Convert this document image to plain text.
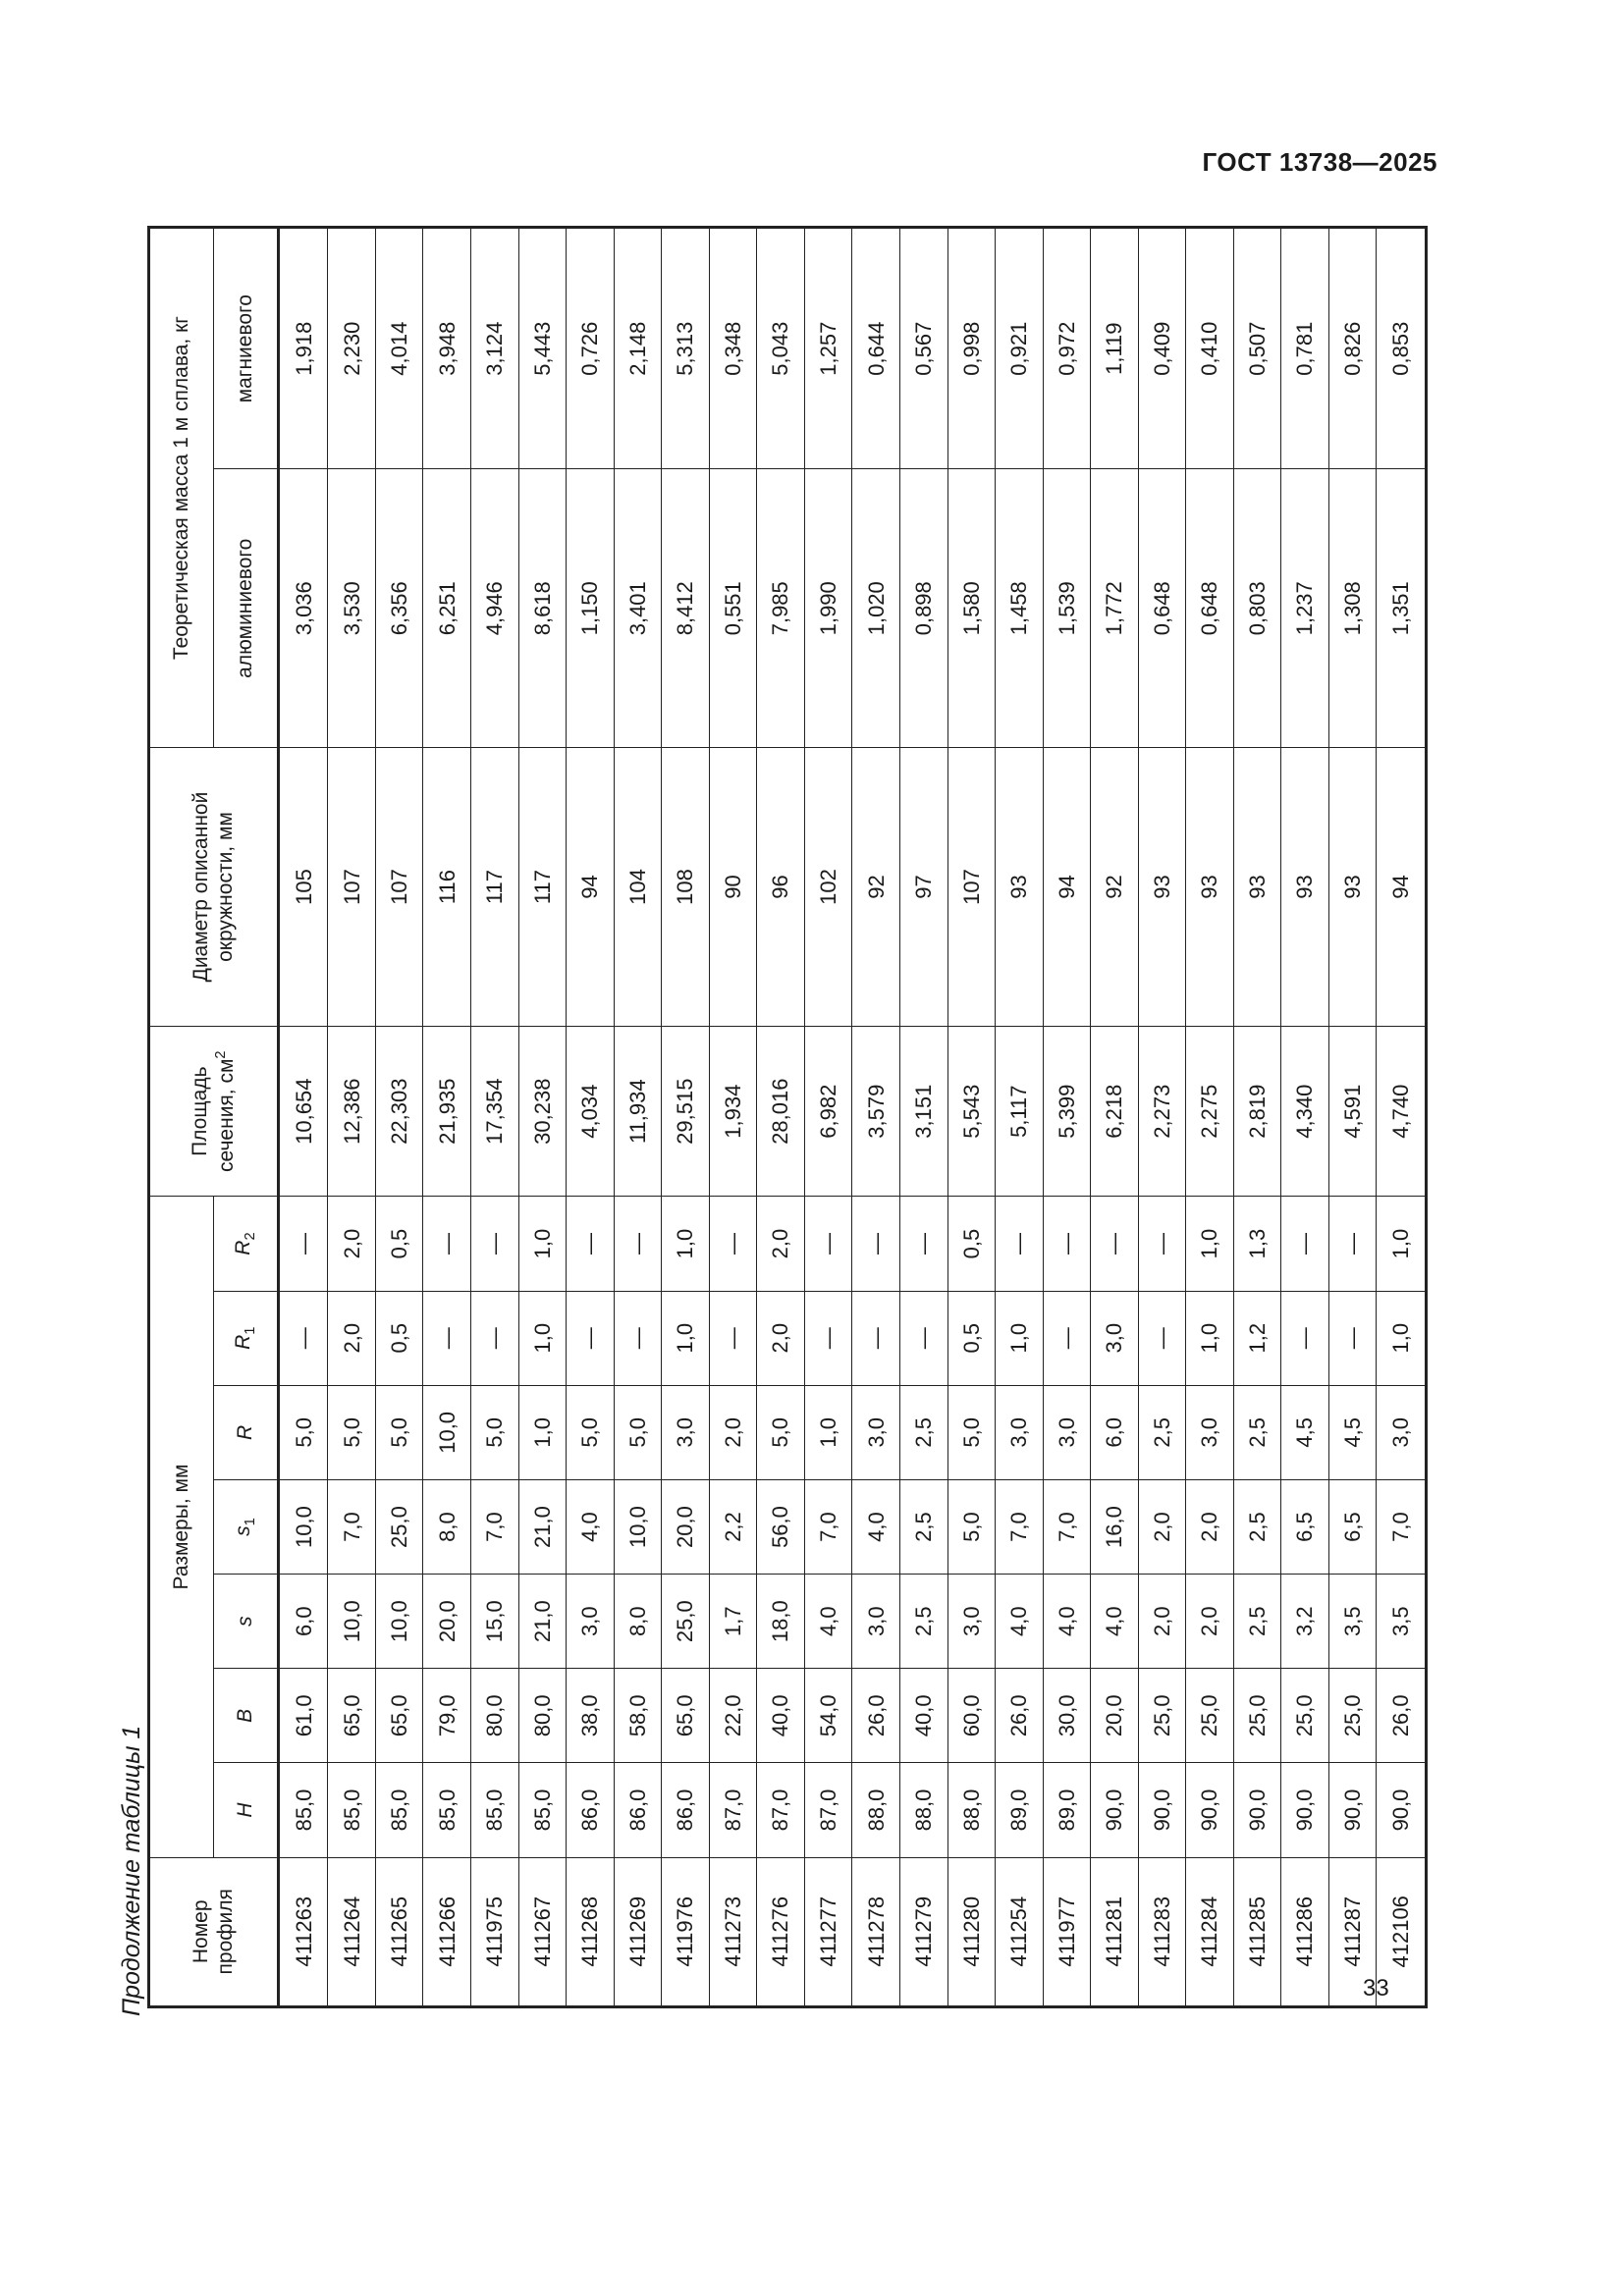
ГОСТ 13738—2025
Продолжение таблицы 1 Номер профиля	Размеры, мм							Площадь сечения, $см^2$	Диаметр описанной окружности, мм	Теоретическая масса 1 м сплава, кг	
	H	B	s	$s_1$	R	$R_1$	$R_2$			алюминиевого	магниевого
411263	85,0	61,0	6,0	10,0	5,0	—	—	10,654	105	3,036	1,918
411264	85,0	65,0	10,0	7,0	5,0	2,0	2,0	12,386	107	3,530	2,230
411265	85,0	65,0	10,0	25,0	5,0	0,5	0,5	22,303	107	6,356	4,014
411266	85,0	79,0	20,0	8,0	10,0	—	—	21,935	116	6,251	3,948
411975	85,0	80,0	15,0	7,0	5,0	—	—	17,354	117	4,946	3,124
411267	85,0	80,0	21,0	21,0	1,0	1,0	1,0	30,238	117	8,618	5,443
411268	86,0	38,0	3,0	4,0	5,0	—	—	4,034	94	1,150	0,726
411269	86,0	58,0	8,0	10,0	5,0	—	—	11,934	104	3,401	2,148
411976	86,0	65,0	25,0	20,0	3,0	1,0	1,0	29,515	108	8,412	5,313
411273	87,0	22,0	1,7	2,2	2,0	—	—	1,934	90	0,551	0,348
411276	87,0	40,0	18,0	56,0	5,0	2,0	2,0	28,016	96	7,985	5,043
411277	87,0	54,0	4,0	7,0	1,0	—	—	6,982	102	1,990	1,257
411278	88,0	26,0	3,0	4,0	3,0	—	—	3,579	92	1,020	0,644
411279	88,0	40,0	2,5	2,5	2,5	—	—	3,151	97	0,898	0,567
411280	88,0	60,0	3,0	5,0	5,0	0,5	0,5	5,543	107	1,580	0,998
411254	89,0	26,0	4,0	7,0	3,0	1,0	—	5,117	93	1,458	0,921
411977	89,0	30,0	4,0	7,0	3,0	—	—	5,399	94	1,539	0,972
411281	90,0	20,0	4,0	16,0	6,0	3,0	—	6,218	92	1,772	1,119
411283	90,0	25,0	2,0	2,0	2,5	—	—	2,273	93	0,648	0,409
411284	90,0	25,0	2,0	2,0	3,0	1,0	1,0	2,275	93	0,648	0,410
411285	90,0	25,0	2,5	2,5	2,5	1,2	1,3	2,819	93	0,803	0,507
411286	90,0	25,0	3,2	6,5	4,5	—	—	4,340	93	1,237	0,781
411287	90,0	25,0	3,5	6,5	4,5	—	—	4,591	93	1,308	0,826
412106	90,0	26,0	3,5	7,0	3,0	1,0	1,0	4,740	94	1,351	0,853
33
